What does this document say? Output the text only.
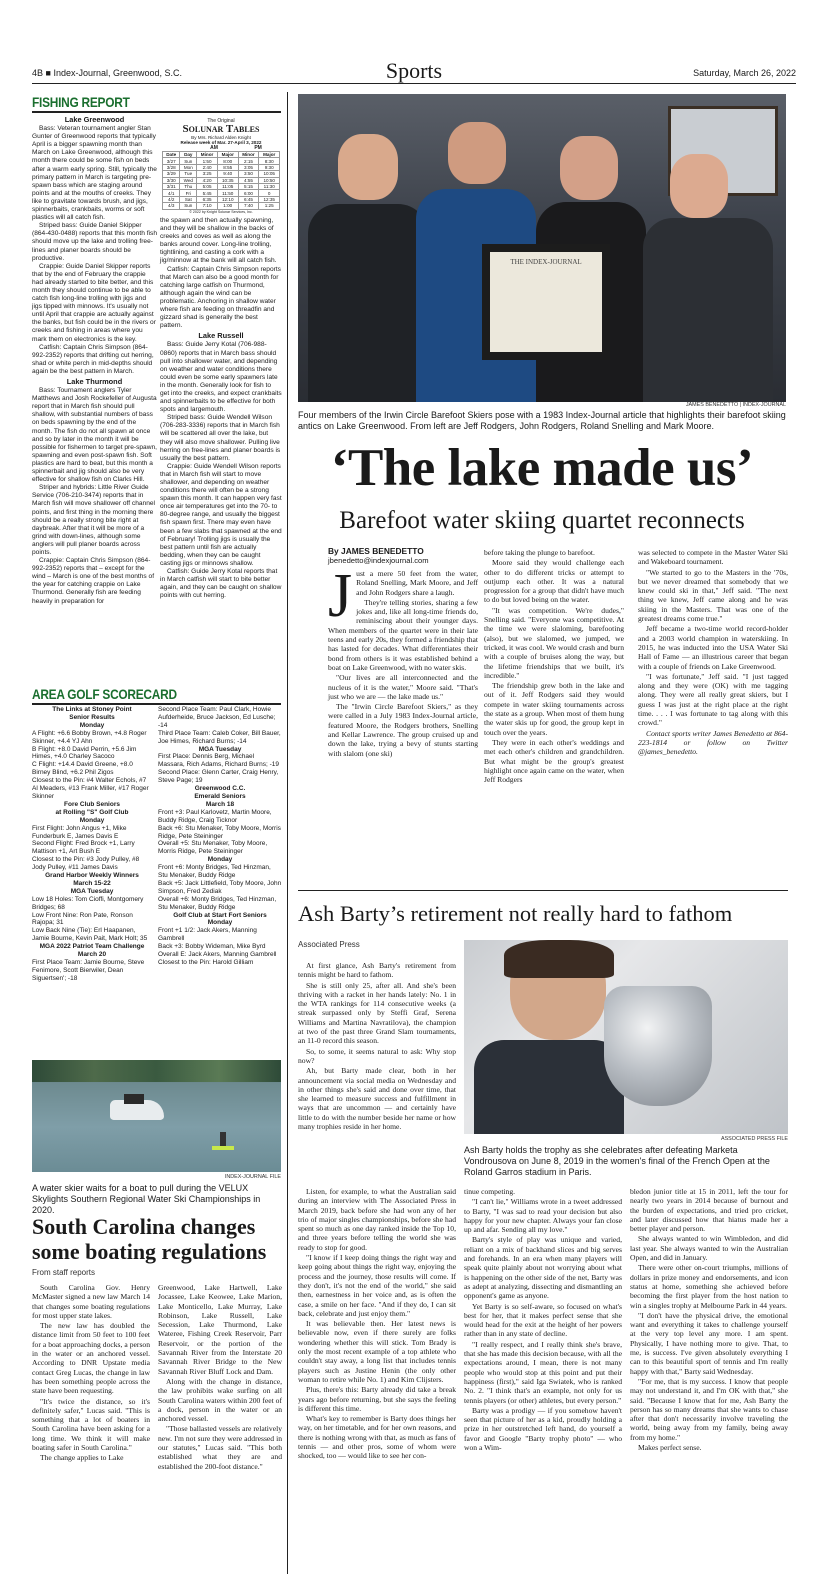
4B ■ Index-Journal, Greenwood, S.C.	Sports	Saturday, March 26, 2022
FISHING REPORT
Lake Greenwood

Bass: Veteran tournament angler Stan Gunter of Greenwood reports that typically April is a bigger spawning month than March on Lake Greenwood, although this month there could be some fish on beds after a warm early spring. Still, typically the primary pattern in March is targeting pre-spawn bass which are staging around points and at the mouths of creeks. They like to gravitate towards brush, and jigs, spinnerbaits, crankbaits, worms or soft plastics will all catch fish.

Striped bass: Guide Daniel Skipper (864-430-0488) reports that this month fish should move up the lake and trolling free-lines and planer boards should be productive.

Crappie: Guide Daniel Skipper reports that by the end of February the crappie had already started to bite better, and this month they should continue to be able to catch fish long-line trolling with jigs and jigs tipped with minnows. It's usually not until April that crappie are actually against the banks, but fish could be in the rivers or creeks and fishing in areas where you mark them on electronics is the key.

Catfish: Captain Chris Simpson (864-992-2352) reports that drifting cut herring, shad or white perch in mid-depths should again be the best pattern in March.

Lake Thurmond

Bass: Tournament anglers Tyler Matthews and Josh Rockefeller of Augusta report that in March fish should pull shallow, with substantial numbers of bass on beds spawning by the end of the month. The fish do not all spawn at once and so by later in the month it will be possible for fishermen to target pre-spawn, spawning and even post-spawn fish. Soft plastics are hard to beat, but this month a spinnerbait and jig should also be very effective for shallow fish on Clarks Hill.

Striper and hybrids: Little River Guide Service (706-210-3474) reports that in March fish will move shallower off channel points, and first thing in the morning there should be a really strong bite right at daybreak. After that it will be more of a grind with down-lines, although some anglers will pull planer boards across points.

Crappie: Captain Chris Simpson (864-992-2352) reports that – except for the wind – March is one of the best months of the year for catching crappie on Lake Thurmond. Generally fish are feeding heavily in preparation for

The Original
Solunar Tables
By Mrs. Richard Alden Knight
Release week of Mar. 27-April 3, 2022
AM	PM
Date	Day	Minor	Major	Minor	Major
3/27	Sun	1:50	8:00	2:15	8:30
3/28	Mon	2:40	8:55	3:05	9:30
3/29	Tue	3:25	9:40	3:50	10:05
3/30	Wed	4:20	10:35	4:55	10:50
3/31	Thu	5:05	11:05	5:15	11:30
4/1	Fri	5:45	11:50	6:00	0
4/2	Sat	6:35	12:10	6:45	12:35
4/3	Sun	7:10	1:00	7:40	1:25
© 2022 by Knight Solunar Services, Inc.

the spawn and then actually spawning, and they will be shallow in the backs of creeks and coves as well as along the banks around cover. Long-line trolling, tightlining, and casting a cork with a jig/minnow at the bank will all catch fish.

Catfish: Captain Chris Simpson reports that March can also be a good month for catching large catfish on Thurmond, although again the wind can be problematic. Anchoring in shallow water where fish are feeding on threadfin and gizzard shad is generally the best pattern.

Lake Russell

Bass: Guide Jerry Kotal (706-988-0860) reports that in March bass should pull into shallower water, and depending on weather and water conditions there could even be some early spawners late in the month. Generally look for fish to get into the creeks, and expect crankbaits and spinnerbaits to be effective for both spots and largemouth.

Striped bass: Guide Wendell Wilson (706-283-3336) reports that in March fish will be scattered all over the lake, but they will also move shallower. Pulling live herring on free-lines and planer boards is usually the best pattern.

Crappie: Guide Wendell Wilson reports that in March fish will start to move shallower, and depending on weather conditions there will often be a strong spawn this month. It can happen very fast once air temperatures get into the 70- to 80-degree range, and usually the biggest fish spawn first. There may even have been a few slabs that spawned at the end of February! Trolling jigs is usually the best pattern until fish are actually bedding, when they can be caught casting jigs or minnows shallow.

Catfish: Guide Jerry Kotal reports that in March catfish will start to bite better again, and they can be caught on shallow points with cut herring.

AREA GOLF SCORECARD
The Links at Stoney Point
Senior Results
Monday
A Flight: +6.6 Bobby Brown, +4.8 Roger Skinner, +4.4 YJ Ahn
B Flight: +8.0 David Perrin, +5.6 Jim Himes, +4.0 Charley Sacoco
C Flight: +14.4 David Greene, +8.0 Birney Blind, +6.2 Phil Zigos
Closest to the Pin: #4 Walter Echols, #7 Al Meaders, #13 Frank Miller, #17 Roger Skinner
Fore Club Seniors
at Rolling "S" Golf Club
Monday
First Flight: John Angus +1, Mike Funderburk E, James Davis E
Second Flight: Fred Brock +1, Larry Mattison +1, Art Bush E
Closest to the Pin: #3 Jody Pulley, #8 Jody Pulley, #11 James Davis
Grand Harbor Weekly Winners
March 15-22
MGA Tuesday
Low 18 Holes: Tom Cioffi, Montgomery Bridges; 68
Low Front Nine: Ron Pate, Ronson Rajopa; 31
Low Back Nine (Tie): Erl Haapanen, Jamie Bourne, Kevin Pait, Mark Holt; 35
MGA 2022 Patriot Team Challenge
March 20
First Place Team: Jamie Bourne, Steve Fenimore, Scott Bierwiler, Dean Siguertsen'; -18
Second Place Team: Paul Clark, Howie Aufderheide, Bruce Jackson, Ed Lusche; -14
Third Place Team: Caleb Coker, Bill Bauer, Joe Himes, Richard Burns; -14
MGA Tuesday
First Place: Dennis Berg, Michael Massara, Rich Adams, Richard Burns; -19
Second Place: Glenn Carter, Craig Henry, Steve Page; 19
Greenwood C.C.
Emerald Seniors
March 18
Front +3: Paul Karlovetz, Martin Moore, Buddy Ridge, Craig Ticknor
Back +6: Stu Menaker, Toby Moore, Morris Ridge, Pete Steininger
Overall +5: Stu Menaker, Toby Moore, Morris Ridge, Pete Steininger
Monday
Front +6: Monty Bridges, Ted Hinzman, Stu Menaker, Buddy Ridge
Back +5: Jack Littlefield, Toby Moore, John Simpson, Fred Zediak
Overall +6: Monty Bridges, Ted Hinzman, Stu Menaker, Buddy Ridge
Golf Club at Start Fort Seniors
Monday
Front +1 1/2: Jack Akers, Manning Gambrell
Back +3: Bobby Wideman, Mike Byrd
Overall E: Jack Akers, Manning Gambrell
Closest to the Pin: Harold Gilliam
INDEX-JOURNAL FILE
A water skier waits for a boat to pull during the VELUX Skylights Southern Regional Water Ski Championships in 2020.
South Carolina changes some boating regulations
From staff reports

South Carolina Gov. Henry McMaster signed a new law March 14 that changes some boating regulations for most upper state lakes.

The new law has doubled the distance limit from 50 feet to 100 feet for a boat approaching docks, a person in the water or an anchored vessel. According to DNR Upstate media contact Greg Lucas, the change in law has been something people across the state have been requesting.

"It's twice the distance, so it's definitely safer," Lucas said. "This is something that a lot of boaters in South Carolina have been asking for a long time. We think it will make boating safer in South Carolina."

The change applies to Lake

Greenwood, Lake Hartwell, Lake Jocassee, Lake Keowee, Lake Marion, Lake Monticello, Lake Murray, Lake Robinson, Lake Russell, Lake Secession, Lake Thurmond, Lake Wateree, Fishing Creek Reservoir, Parr Reservoir, or the portion of the Savannah River from the Interstate 20 Savannah River Bridge to the New Savannah River Bluff Lock and Dam.

Along with the change in distance, the law prohibits wake surfing on all South Carolina waters within 200 feet of a dock, person in the water or an anchored vessel.

"Those ballasted vessels are relatively new. I'm not sure they were addressed in our statutes," Lucas said. "This both established what they are and established the 200-foot distance."

THE INDEX-JOURNAL
JAMES BENEDETTO | INDEX-JOURNAL
Four members of the Irwin Circle Barefoot Skiers pose with a 1983 Index-Journal article that highlights their barefoot skiing antics on Lake Greenwood. From left are Jeff Rodgers, John Rodgers, Roland Snelling and Mark Moore.
‘The lake made us’
Barefoot water skiing quartet reconnects
By JAMES BENEDETTO
jbenedetto@indexjournal.com
J ust a mere 50 feet from the water, Roland Snelling, Mark Moore, and Jeff and John Rodgers share a laugh.

They're telling stories, sharing a few jokes and, like all long-time friends do, reminiscing about their younger days. When members of the quartet were in their late teens and early 20s, they formed a friendship that has lasted for decades. What differentiates their bond from others is it was established behind a boat on Lake Greenwood, with no water skis.

"Our lives are all interconnected and the nucleus of it is the water," Moore said. "That's just who we are — the lake made us."

The "Irwin Circle Barefoot Skiers," as they were called in a July 1983 Index-Journal article, featured Moore, the Rodgers brothers, Snelling and Kellar Lawrence. The group cruised up and down the lake, trying a bevy of stunts starting with slalom (one ski)

before taking the plunge to barefoot.

Moore said they would challenge each other to do different tricks or attempt to outjump each other. It was a natural progression for a group that didn't have much to do but loved being on the water.

"It was competition. We're dudes," Snelling said. "Everyone was competitive. At the time we were slaloming, barefooting (also), but we slalomed, we jumped, we tricked, it was cool. We would crash and burn with a couple of bruises along the way, but the lifetime friendships that we built, it's incredible."

The friendship grew both in the lake and out of it. Jeff Rodgers said they would compete in water skiing tournaments across the state as a group. When most of them hung the water skis up for good, the group kept in touch over the years.

They were in each other's weddings and met each other's children and grandchildren. But what might be the group's greatest highlight once again came on the water, when Jeff Rodgers

was selected to compete in the Master Water Ski and Wakeboard tournament.

"We started to go to the Masters in the '70s, but we never dreamed that somebody that we knew could ski in that," Jeff said. "The next thing we knew, Jeff came along and he was skiing in the Masters. That was one of the greatest dreams come true."

Jeff became a two-time world record-holder and a 2003 world champion in waterskiing. In 2015, he was inducted into the USA Water Ski Hall of Fame — an illustrious career that began with a couple of friends on Lake Greenwood.

"I was fortunate," Jeff said. "I just tagged along and they were (OK) with me tagging along. They were all really great skiers, but I guess I was just at the right place at the right time. . . . I was fortunate to tag along with this crowd."

Contact sports writer James Benedetto at 864-223-1814 or follow on Twitter @james_benedetto.

Ash Barty’s retirement not really hard to fathom
Associated Press

At first glance, Ash Barty's retirement from tennis might be hard to fathom.

She is still only 25, after all. And she's been thriving with a racket in her hands lately: No. 1 in the WTA rankings for 114 consecutive weeks (a streak surpassed only by Steffi Graf, Serena Williams and Martina Navratilova), the champion at two of the past three Grand Slam tournaments, an 11-0 record this season.

So, to some, it seems natural to ask: Why stop now?

Ah, but Barty made clear, both in her announcement via social media on Wednesday and in other things she's said and done over time, that she learned to measure success and fulfillment in ways that are uncommon — and certainly have little to do with the number beside her name or how many trophies reside in her home.

ASSOCIATED PRESS FILE
Ash Barty holds the trophy as she celebrates after defeating Marketa Vondrousova on June 8, 2019 in the women's final of the French Open at the Roland Garros stadium in Paris.

Listen, for example, to what the Australian said during an interview with The Associated Press in March 2019, back before she had won any of her trio of major singles championships, before she had spent so much as one day ranked inside the Top 10, and three years before telling the world she was ready to stop for good.

"I know if I keep doing things the right way and keep going about things the right way, enjoying the process and the journey, those results will come. If they don't, it's not the end of the world," she said then, earnestness in her voice and, as is often the case, a smile on her face. "And if they do, I can sit back, celebrate and just enjoy them."

It was believable then. Her latest news is believable now, even if there surely are folks wondering whether this will stick. Tom Brady is only the most recent example of a top athlete who couldn't stay away, a long list that includes tennis players such as Justine Henin (the only other woman to retire while No. 1) and Kim Clijsters.

Plus, there's this: Barty already did take a break years ago before returning, but she says the feeling is different this time.

What's key to remember is Barty does things her way, on her timetable, and for her own reasons, and there is nothing wrong with that, as much as fans of tennis — and other pros, some of whom were shocked, too — would like to see her con-

tinue competing.

"I can't lie," Williams wrote in a tweet addressed to Barty, "I was sad to read your decision but also happy for your new chapter. Always your fan close up and afar. Sending all my love."

Barty's style of play was unique and varied, reliant on a mix of backhand slices and big serves and forehands. In an era when many players will speak quite plainly about not worrying about what is happening on the other side of the net, Barty was as adept at analyzing, dissecting and dismantling an opponent's game as anyone.

Yet Barty is so self-aware, so focused on what's best for her, that it makes perfect sense that she would head for the exit at the height of her powers rather than in any state of decline.

"I really respect, and I really think she's brave, that she has made this decision because, with all the expectations around, I mean, there is not many people who would stop at this point and put their happiness (first)," said Iga Swiatek, who is ranked No. 2. "I think that's an example, not only for us tennis players (or other) athletes, but every person."

Barty was a prodigy — if you somehow haven't seen that picture of her as a kid, proudly holding a prize in her outstretched left hand, do yourself a favor and Google "Barty trophy photo" — who won a Wim-

bledon junior title at 15 in 2011, left the tour for nearly two years in 2014 because of burnout and the burden of expectations, and tried pro cricket, and later discussed how that hiatus made her a better player and person.

She always wanted to win Wimbledon, and did last year. She always wanted to win the Australian Open, and did in January.

There were other on-court triumphs, millions of dollars in prize money and endorsements, and icon status at home, something she achieved before becoming the first player from the host nation to win a singles trophy at Melbourne Park in 44 years.

"I don't have the physical drive, the emotional want and everything it takes to challenge yourself at the very top level any more. I am spent. Physically, I have nothing more to give. That, to me, is success. I've given absolutely everything I can to this beautiful sport of tennis and I'm really happy with that," Barty said Wednesday.

"For me, that is my success. I know that people may not understand it, and I'm OK with that," she said. "Because I know that for me, Ash Barty the person has so many dreams that she wants to chase after that don't necessarily involve traveling the world, being away from my family, being away from my home."

Makes perfect sense.
